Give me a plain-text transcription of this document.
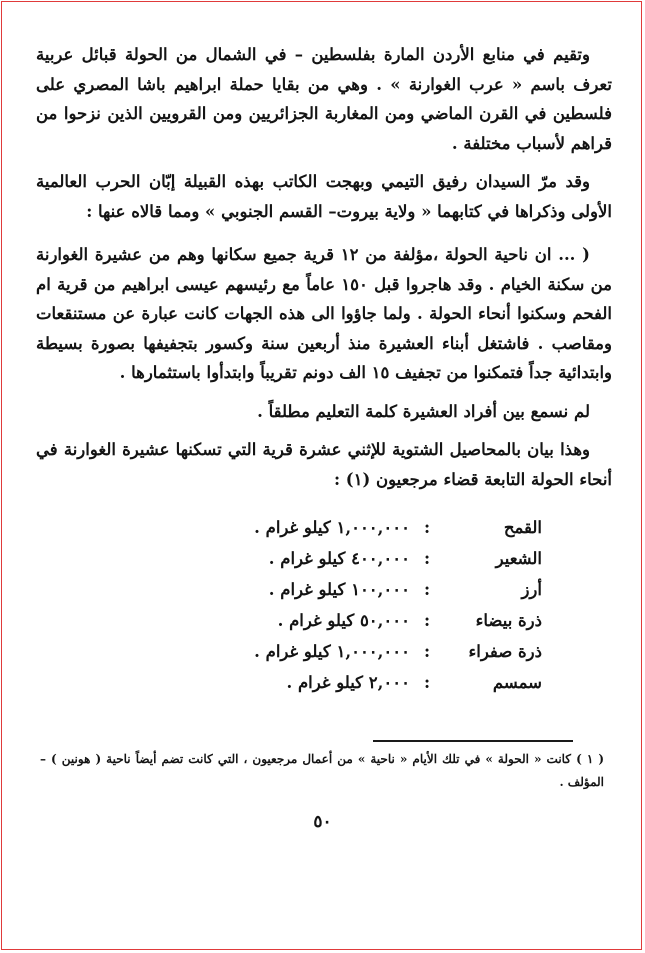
وتقيم في منابع الأردن المارة بفلسطين – في الشمال من الحولة قبائل عربية تعرف باسم « عرب الغوارنة » . وهي من بقايا حملة ابراهيم باشا المصري على فلسطين في القرن الماضي ومن المغاربة الجزائريين ومن القرويين الذين نزحوا من قراهم لأسباب مختلفة .

وقد مرّ السيدان رفيق التيمي وبهجت الكاتب بهذه القبيلة إبّان الحرب العالمية الأولى وذكراها في كتابهما « ولاية بيروت– القسم الجنوبي » ومما قالاه عنها :

( ... ان ناحية الحولة ،مؤلفة من ١٢ قرية جميع سكانها وهم من عشيرة الغوارنة من سكنة الخيام . وقد هاجروا قبل ١٥٠ عاماً مع رئيسهم عيسى ابراهيم من قرية ام الفحم وسكنوا أنحاء الحولة . ولما جاؤوا الى هذه الجهات كانت عبارة عن مستنقعات ومقاصب . فاشتغل أبناء العشيرة منذ أربعين سنة وكسور بتجفيفها بصورة بسيطة وابتدائية جداً فتمكنوا من تجفيف ١٥ الف دونم تقريباً وابتدأوا باستثمارها .

لم نسمع بين أفراد العشيرة كلمة التعليم مطلقاً .

وهذا بيان بالمحاصيل الشتوية للإثني عشرة قرية التي تسكنها عشيرة الغوارنة في أنحاء الحولة التابعة قضاء مرجعيون (١) :

القمح
:
١,٠٠٠,٠٠٠ كيلو غرام .
الشعير
:
٤٠٠,٠٠٠ كيلو غرام .
أرز
:
١٠٠,٠٠٠ كيلو غرام .
ذرة بيضاء
:
٥٠,٠٠٠ كيلو غرام .
ذرة صفراء
:
١,٠٠٠,٠٠٠ كيلو غرام .
سمسم
:
٢,٠٠٠ كيلو غرام .

( ١ ) كانت « الحولة » في تلك الأيام « ناحية » من أعمال مرجعيون ، التي كانت تضم أيضاً ناحية ( هونين ) – المؤلف .

٥٠
